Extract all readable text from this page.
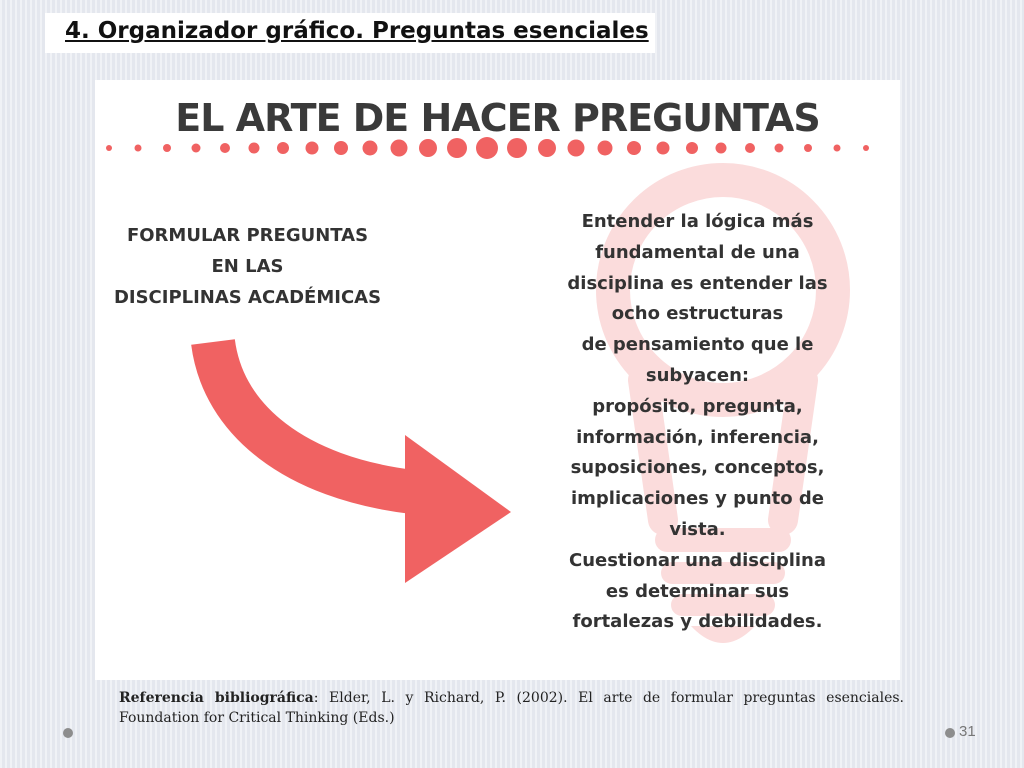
4. Organizador gráfico. Preguntas esenciales
EL ARTE DE HACER PREGUNTAS
FORMULAR PREGUNTAS
EN LAS
DISCIPLINAS ACADÉMICAS
Entender la lógica más
fundamental de una
disciplina es entender las
ocho estructuras
de pensamiento que le
subyacen:
propósito, pregunta,
información, inferencia,
suposiciones, conceptos,
implicaciones y punto de
vista.
Cuestionar una disciplina
es determinar sus
fortalezas y debilidades.
Referencia bibliográfica: Elder, L. y Richard, P. (2002). El arte de formular preguntas esenciales. Foundation for Critical Thinking (Eds.)
31
